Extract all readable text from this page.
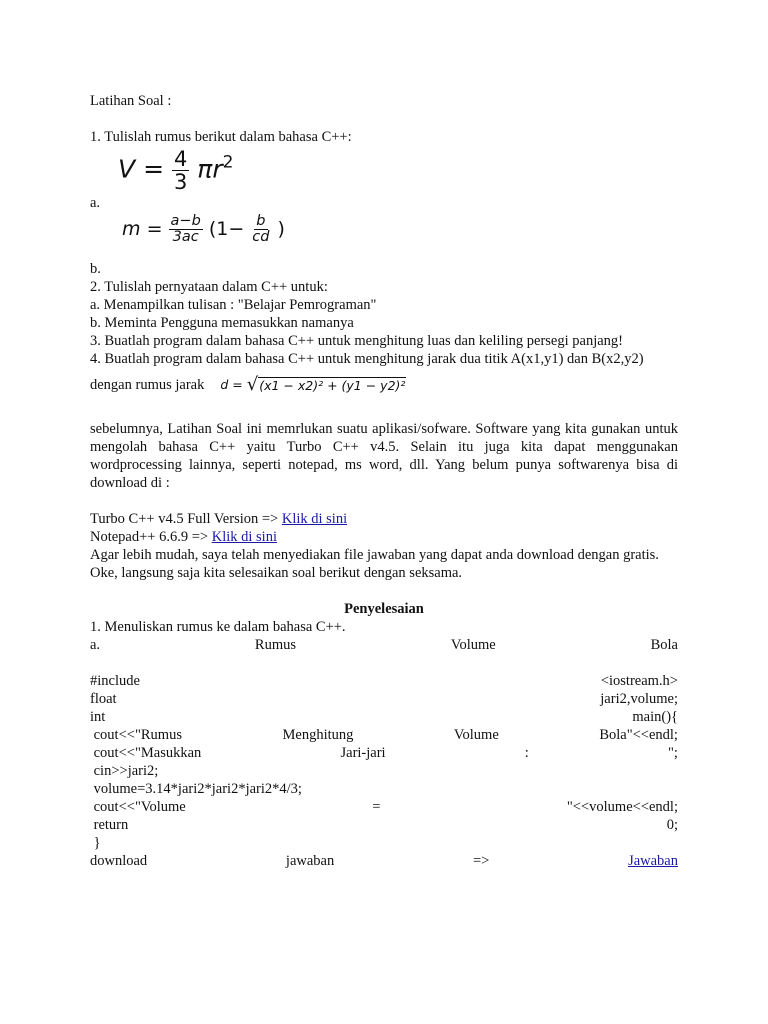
Latihan Soal :
1. Tulislah rumus berikut dalam bahasa C++:
$V = \frac{4}{3} \pi r^2$
a.
$m = \frac{a-b}{3ac} (1- \frac{b}{cd}$ )
b.
2. Tulislah pernyataan dalam C++ untuk:
a. Menampilkan tulisan : "Belajar Pemrograman"
b. Meminta Pengguna memasukkan namanya
3. Buatlah program dalam bahasa C++ untuk menghitung luas dan keliling persegi panjang!
4. Buatlah program dalam bahasa C++ untuk menghitung jarak dua titik A(x1,y1) dan B(x2,y2)
dengan rumus jarak d =
√ (x1 − x2)² + (y1 − y2)²
sebelumnya, Latihan Soal ini memrlukan suatu aplikasi/sofware. Software yang kita gunakan untuk mengolah bahasa C++ yaitu Turbo C++ v4.5. Selain itu juga kita dapat menggunakan wordprocessing lainnya, seperti notepad, ms word, dll. Yang belum punya softwarenya bisa di download di :
Turbo C++ v4.5 Full Version => Klik di sini
Notepad++ 6.6.9 => Klik di sini
Agar lebih mudah, saya telah menyediakan file jawaban yang dapat anda download dengan gratis.
Oke, langsung saja kita selesaikan soal berikut dengan seksama.
Penyelesaian
1. Menuliskan rumus ke dalam bahasa C++.
a.	Rumus	Volume	Bola
#include	<iostream.h>
float	jari2,volume;
int	main(){
cout<<"Rumus	Menghitung	Volume	Bola"<<endl;
cout<<"Masukkan	Jari-jari	:	";
cin>>jari2;
volume=3.14*jari2*jari2*jari2*4/3;
cout<<"Volume	=	"<<volume<<endl;
return	0;
}
download	jawaban	=>	Jawaban
